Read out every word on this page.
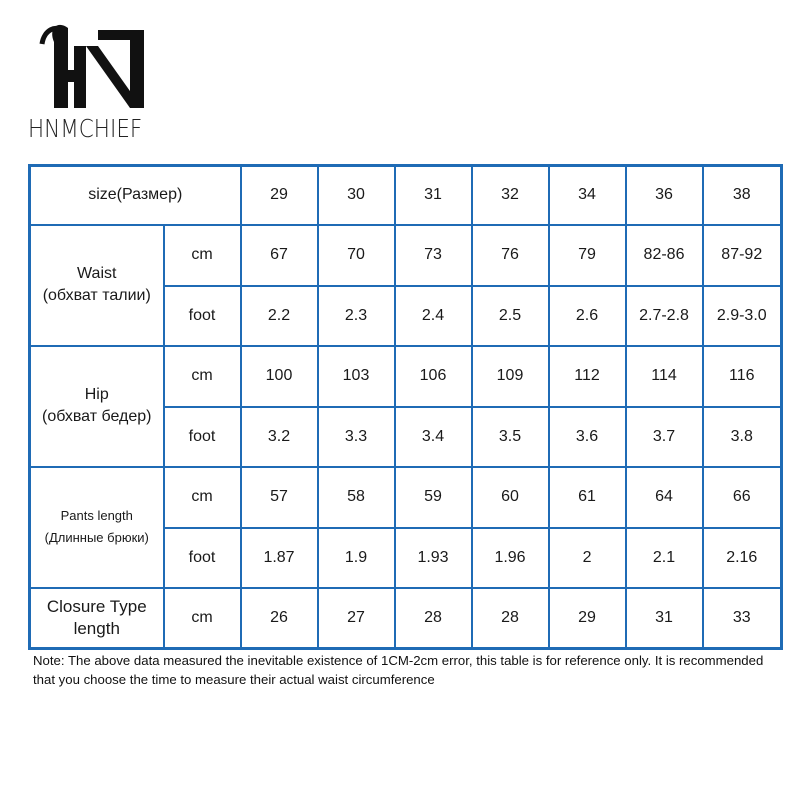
HNMCHIEF
size(Размер)		29	30	31	32	34	36	38

Waist
(обхват талии)	cm	67	70	73	76	79	82-86	87-92
	foot	2.2	2.3	2.4	2.5	2.6	2.7-2.8	2.9-3.0

Hip
(обхват бедер)	cm	100	103	106	109	112	114	116
	foot	3.2	3.3	3.4	3.5	3.6	3.7	3.8

Pants length
(Длинные брюки)	cm	57	58	59	60	61	64	66
	foot	1.87	1.9	1.93	1.96	2	2.1	2.16

Closure Type
length	cm	26	27	28	28	29	31	33
Note: The above data measured the inevitable existence of 1CM-2cm error, this table is for reference only. It is recommended that you choose the time to measure their actual waist circumference
